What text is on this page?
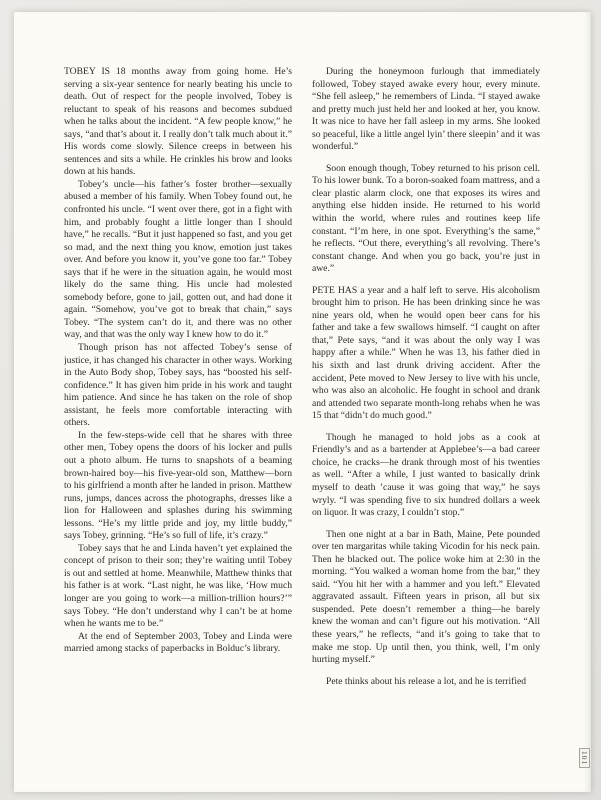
TOBEY IS 18 months away from going home. He’s serving a six-year sentence for nearly beating his uncle to death. Out of respect for the people involved, Tobey is reluctant to speak of his reasons and becomes subdued when he talks about the incident. “A few people know,” he says, “and that’s about it. I really don’t talk much about it.” His words come slowly. Silence creeps in between his sentences and sits a while. He crinkles his brow and looks down at his hands.

Tobey’s uncle—his father’s foster brother—sexually abused a member of his family. When Tobey found out, he confronted his uncle. “I went over there, got in a fight with him, and probably fought a little longer than I should have,” he recalls. “But it just happened so fast, and you get so mad, and the next thing you know, emotion just takes over. And before you know it, you’ve gone too far.” Tobey says that if he were in the situation again, he would most likely do the same thing. His uncle had molested somebody before, gone to jail, gotten out, and had done it again. “Somehow, you’ve got to break that chain,” says Tobey. “The system can’t do it, and there was no other way, and that was the only way I knew how to do it.”

Though prison has not affected Tobey’s sense of justice, it has changed his character in other ways. Working in the Auto Body shop, Tobey says, has “boosted his self-confidence.” It has given him pride in his work and taught him patience. And since he has taken on the role of shop assistant, he feels more comfortable interacting with others.

In the few-steps-wide cell that he shares with three other men, Tobey opens the doors of his locker and pulls out a photo album. He turns to snapshots of a beaming brown-haired boy—his five-year-old son, Matthew—born to his girlfriend a month after he landed in prison. Matthew runs, jumps, dances across the photographs, dresses like a lion for Halloween and splashes during his swimming lessons. “He’s my little pride and joy, my little buddy,” says Tobey, grinning. “He’s so full of life, it’s crazy.”

Tobey says that he and Linda haven’t yet explained the concept of prison to their son; they’re waiting until Tobey is out and settled at home. Meanwhile, Matthew thinks that his father is at work. “Last night, he was like, ‘How much longer are you going to work—a million-trillion hours?’” says Tobey. “He don’t understand why I can’t be at home when he wants me to be.”

At the end of September 2003, Tobey and Linda were married among stacks of paperbacks in Bolduc’s library.

During the honeymoon furlough that immediately followed, Tobey stayed awake every hour, every minute. “She fell asleep,” he remembers of Linda. “I stayed awake and pretty much just held her and looked at her, you know. It was nice to have her fall asleep in my arms. She looked so peaceful, like a little angel lyin’ there sleepin’ and it was wonderful.”

Soon enough though, Tobey returned to his prison cell. To his lower bunk. To a boron-soaked foam mattress, and a clear plastic alarm clock, one that exposes its wires and anything else hidden inside. He returned to his world within the world, where rules and routines keep life constant. “I’m here, in one spot. Everything’s the same,” he reflects. “Out there, everything’s all revolving. There’s constant change. And when you go back, you’re just in awe.”

PETE HAS a year and a half left to serve. His alcoholism brought him to prison. He has been drinking since he was nine years old, when he would open beer cans for his father and take a few swallows himself. “I caught on after that,” Pete says, “and it was about the only way I was happy after a while.” When he was 13, his father died in his sixth and last drunk driving accident. After the accident, Pete moved to New Jersey to live with his uncle, who was also an alcoholic. He fought in school and drank and attended two separate month-long rehabs when he was 15 that “didn’t do much good.”

Though he managed to hold jobs as a cook at Friendly’s and as a bartender at Applebee’s—a bad career choice, he cracks—he drank through most of his twenties as well. “After a while, I just wanted to basically drink myself to death ’cause it was going that way,” he says wryly. “I was spending five to six hundred dollars a week on liquor. It was crazy, I couldn’t stop.”

Then one night at a bar in Bath, Maine, Pete pounded over ten margaritas while taking Vicodin for his neck pain. Then he blacked out. The police woke him at 2:30 in the morning. “You walked a woman home from the bar,” they said. “You hit her with a hammer and you left.” Elevated aggravated assault. Fifteen years in prison, all but six suspended. Pete doesn’t remember a thing—he barely knew the woman and can’t figure out his motivation. “All these years,” he reflects, “and it’s going to take that to make me stop. Up until then, you think, well, I’m only hurting myself.”

Pete thinks about his release a lot, and he is terrified

101
